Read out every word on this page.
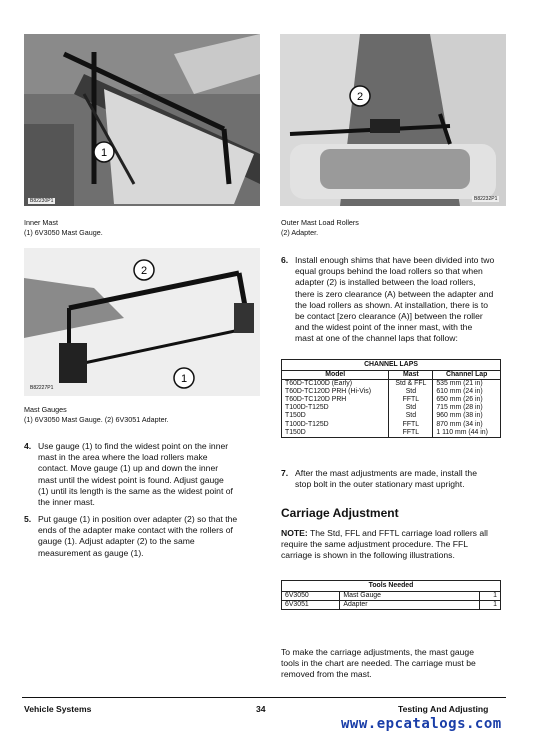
B82230P1
1
Inner Mast
(1) 6V3050 Mast Gauge.
B82232P1
2
Outer Mast Load Rollers
(2) Adapter.
B82227P1
2
1
Mast Gauges
(1) 6V3050 Mast Gauge. (2) 6V3051 Adapter.
4. Use gauge (1) to find the widest point on the inner
mast in the area where the load rollers make
contact. Move gauge (1) up and down the inner
mast until the widest point is found. Adjust gauge
(1) until its length is the same as the widest point of
the inner mast.
5. Put gauge (1) in position over adapter (2) so that the
ends of the adapter make contact with the rollers of
gauge (1). Adjust adapter (2) to the same
measurement as gauge (1).
6. Install enough shims that have been divided into two
equal groups behind the load rollers so that when
adapter (2) is installed between the load rollers,
there is zero clearance (A) between the adapter and
the load rollers as shown. At installation, there is to
be contact [zero clearance (A)] between the roller
and the widest point of the inner mast, with the
mast at one of the channel laps that follow:
CHANNEL LAPS		
Model	Mast	Channel Lap
T60D-TC100D (Early)	Std & FFL	535 mm (21 in)
T60D-TC120D PRH (Hi-Vis)	Std	610 mm (24 in)
T60D-TC120D PRH	FFTL	650 mm (26 in)
T100D-T125D	Std	715 mm (28 in)
T150D	Std	960 mm (38 in)
T100D-T125D	FFTL	870 mm (34 in)
T150D	FFTL	1 110 mm (44 in)
7. After the mast adjustments are made, install the
stop bolt in the outer stationary mast upright.
Carriage Adjustment
NOTE: The Std, FFL and FFTL carriage load rollers all
require the same adjustment procedure. The FFL
carriage is shown in the following illustrations.
Tools Needed		
6V3050	Mast Gauge	1
6V3051	Adapter	1
To make the carriage adjustments, the mast gauge
tools in the chart are needed. The carriage must be
removed from the mast.
Vehicle Systems	34	Testing And Adjusting
www.epcatalogs.com
